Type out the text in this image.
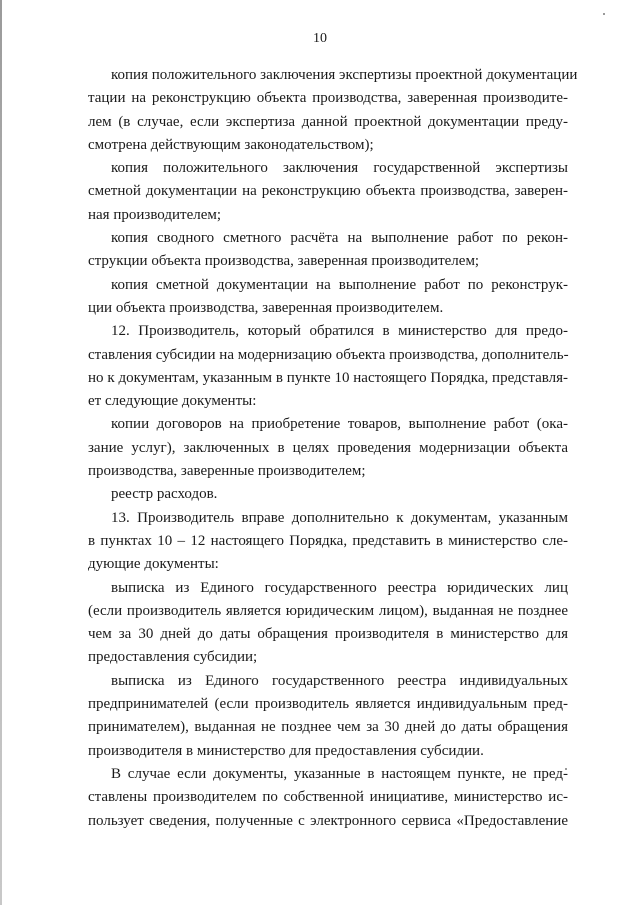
10
копия положительного заключения экспертизы проектной документации
тации на реконструкцию объекта производства, заверенная производите-
лем (в случае, если экспертиза данной проектной документации преду-
смотрена действующим законодательством);
копия положительного заключения государственной экспертизы
сметной документации на реконструкцию объекта производства, заверен-
ная производителем;
копия сводного сметного расчёта на выполнение работ по рекон-
струкции объекта производства, заверенная производителем;
копия сметной документации на выполнение работ по реконструк-
ции объекта производства, заверенная производителем.
12. Производитель, который обратился в министерство для предо-
ставления субсидии на модернизацию объекта производства, дополнитель-
но к документам, указанным в пункте 10 настоящего Порядка, представля-
ет следующие документы:
копии договоров на приобретение товаров, выполнение работ (ока-
зание услуг), заключенных в целях проведения модернизации объекта
производства, заверенные производителем;
реестр расходов.
13. Производитель вправе дополнительно к документам, указанным
в пунктах 10 – 12 настоящего Порядка, представить в министерство сле-
дующие документы:
выписка из Единого государственного реестра юридических лиц
(если производитель является юридическим лицом), выданная не позднее
чем за 30 дней до даты обращения производителя в министерство для
предоставления субсидии;
выписка из Единого государственного реестра индивидуальных
предпринимателей (если производитель является индивидуальным пред-
принимателем), выданная не позднее чем за 30 дней до даты обращения
производителя в министерство для предоставления субсидии.
В случае если документы, указанные в настоящем пункте, не пред-
ставлены производителем по собственной инициативе, министерство ис-
пользует сведения, полученные с электронного сервиса «Предоставление
